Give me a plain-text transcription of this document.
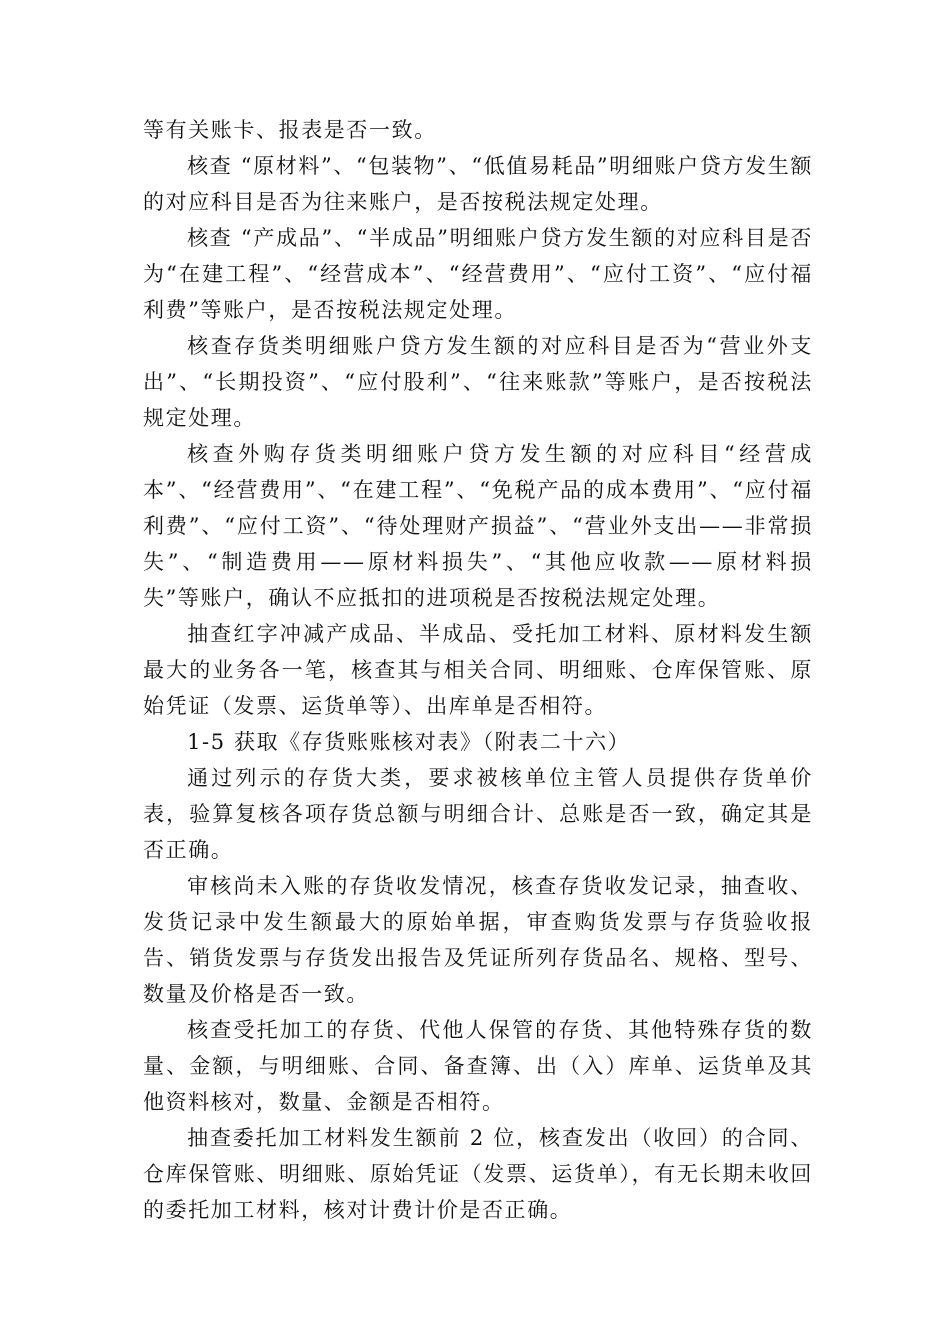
等有关账卡、报表是否一致。

核查 “原材料”、“包装物”、“低值易耗品”明细账户贷方发生额的对应科目是否为往来账户，是否按税法规定处理。

核查 “产成品”、“半成品”明细账户贷方发生额的对应科目是否为“在建工程”、“经营成本”、“经营费用”、“应付工资”、“应付福利费”等账户，是否按税法规定处理。

核查存货类明细账户贷方发生额的对应科目是否为“营业外支出”、“长期投资”、“应付股利”、“往来账款”等账户，是否按税法规定处理。

核查外购存货类明细账户贷方发生额的对应科目“经营成本”、“经营费用”、“在建工程”、“免税产品的成本费用”、“应付福利费”、“应付工资”、“待处理财产损益”、“营业外支出——非常损失”、“制造费用——原材料损失”、“其他应收款——原材料损失”等账户，确认不应抵扣的进项税是否按税法规定处理。

抽查红字冲减产成品、半成品、受托加工材料、原材料发生额最大的业务各一笔，核查其与相关合同、明细账、仓库保管账、原始凭证（发票、运货单等）、出库单是否相符。

1-5 获取《存货账账核对表》（附表二十六）

通过列示的存货大类，要求被核单位主管人员提供存货单价表，验算复核各项存货总额与明细合计、总账是否一致，确定其是否正确。

审核尚未入账的存货收发情况，核查存货收发记录，抽查收、发货记录中发生额最大的原始单据，审查购货发票与存货验收报告、销货发票与存货发出报告及凭证所列存货品名、规格、型号、数量及价格是否一致。

核查受托加工的存货、代他人保管的存货、其他特殊存货的数量、金额，与明细账、合同、备查簿、出（入）库单、运货单及其他资料核对，数量、金额是否相符。

抽查委托加工材料发生额前 2 位，核查发出（收回）的合同、仓库保管账、明细账、原始凭证（发票、运货单），有无长期未收回的委托加工材料，核对计费计价是否正确。
